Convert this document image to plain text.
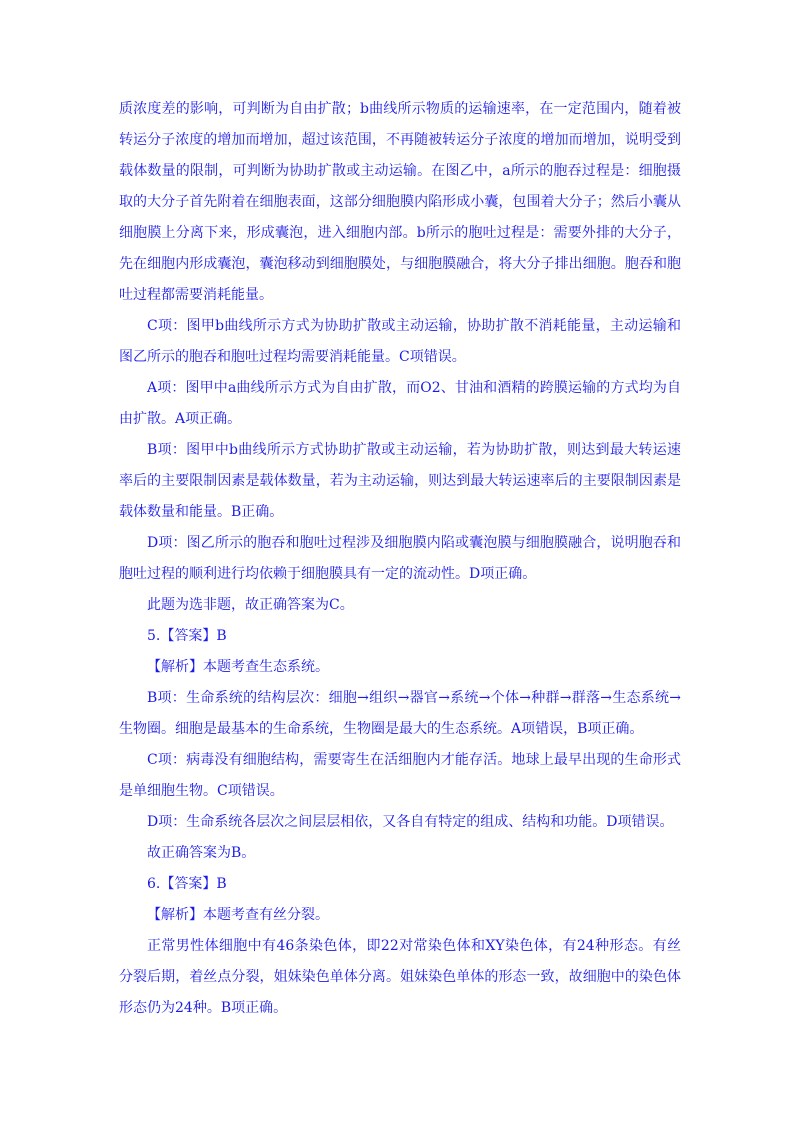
质浓度差的影响，可判断为自由扩散；b曲线所示物质的运输速率，在一定范围内，随着被转运分子浓度的增加而增加，超过该范围，不再随被转运分子浓度的增加而增加，说明受到载体数量的限制，可判断为协助扩散或主动运输。在图乙中，a所示的胞吞过程是：细胞摄取的大分子首先附着在细胞表面，这部分细胞膜内陷形成小囊，包围着大分子；然后小囊从细胞膜上分离下来，形成囊泡，进入细胞内部。b所示的胞吐过程是：需要外排的大分子，先在细胞内形成囊泡，囊泡移动到细胞膜处，与细胞膜融合，将大分子排出细胞。胞吞和胞吐过程都需要消耗能量。

C项：图甲b曲线所示方式为协助扩散或主动运输，协助扩散不消耗能量，主动运输和图乙所示的胞吞和胞吐过程均需要消耗能量。C项错误。

A项：图甲中a曲线所示方式为自由扩散，而O2、甘油和酒精的跨膜运输的方式均为自由扩散。A项正确。

B项：图甲中b曲线所示方式协助扩散或主动运输，若为协助扩散，则达到最大转运速率后的主要限制因素是载体数量，若为主动运输，则达到最大转运速率后的主要限制因素是载体数量和能量。B正确。

D项：图乙所示的胞吞和胞吐过程涉及细胞膜内陷或囊泡膜与细胞膜融合，说明胞吞和胞吐过程的顺利进行均依赖于细胞膜具有一定的流动性。D项正确。

此题为选非题，故正确答案为C。

5.【答案】B

【解析】本题考查生态系统。

B项：生命系统的结构层次：细胞→组织→器官→系统→个体→种群→群落→生态系统→生物圈。细胞是最基本的生命系统，生物圈是最大的生态系统。A项错误，B项正确。

C项：病毒没有细胞结构，需要寄生在活细胞内才能存活。地球上最早出现的生命形式是单细胞生物。C项错误。

D项：生命系统各层次之间层层相依，又各自有特定的组成、结构和功能。D项错误。

故正确答案为B。

6.【答案】B

【解析】本题考查有丝分裂。

正常男性体细胞中有46条染色体，即22对常染色体和XY染色体，有24种形态。有丝分裂后期，着丝点分裂，姐妹染色单体分离。姐妹染色单体的形态一致，故细胞中的染色体形态仍为24种。B项正确。
